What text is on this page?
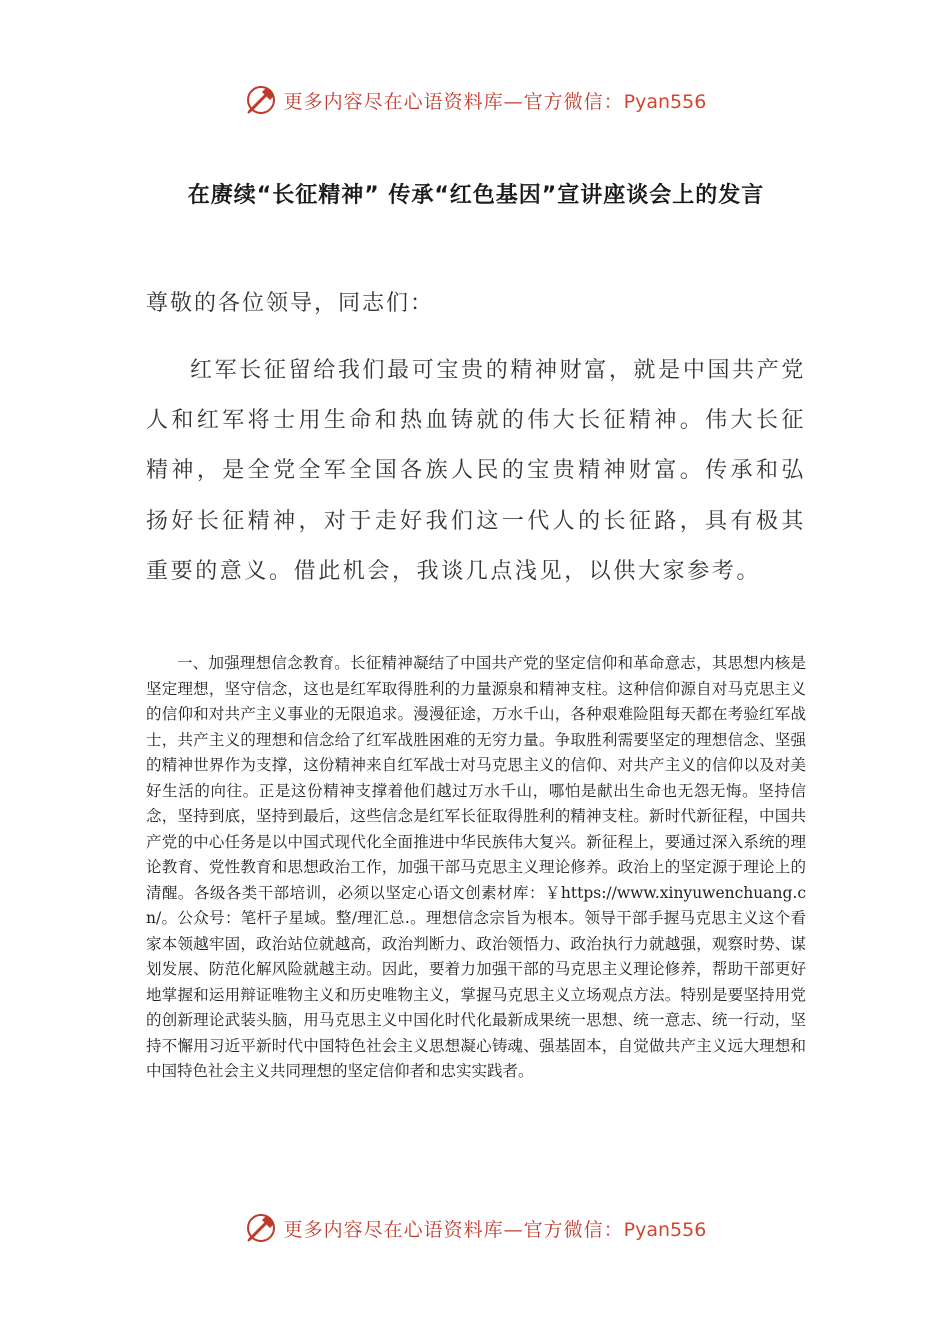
更多内容尽在心语资料库—官方微信：Pyan556
在赓续“长征精神” 传承“红色基因”宣讲座谈会上的发言
尊敬的各位领导，同志们：

红军长征留给我们最可宝贵的精神财富，就是中国共产党人和红军将士用生命和热血铸就的伟大长征精神。伟大长征精神，是全党全军全国各族人民的宝贵精神财富。传承和弘扬好长征精神，对于走好我们这一代人的长征路，具有极其重要的意义。借此机会，我谈几点浅见，以供大家参考。

一、加强理想信念教育。长征精神凝结了中国共产党的坚定信仰和革命意志，其思想内核是坚定理想，坚守信念，这也是红军取得胜利的力量源泉和精神支柱。这种信仰源自对马克思主义的信仰和对共产主义事业的无限追求。漫漫征途，万水千山，各种艰难险阻每天都在考验红军战士，共产主义的理想和信念给了红军战胜困难的无穷力量。争取胜利需要坚定的理想信念、坚强的精神世界作为支撑，这份精神来自红军战士对马克思主义的信仰、对共产主义的信仰以及对美好生活的向往。正是这份精神支撑着他们越过万水千山，哪怕是献出生命也无怨无悔。坚持信念，坚持到底，坚持到最后，这些信念是红军长征取得胜利的精神支柱。新时代新征程，中国共产党的中心任务是以中国式现代化全面推进中华民族伟大复兴。新征程上，要通过深入系统的理论教育、党性教育和思想政治工作，加强干部马克思主义理论修养。政治上的坚定源于理论上的清醒。各级各类干部培训，必须以坚定心语文创素材库：￥https://www.xinyuwenchuang.cn/。公众号：笔杆子星域。整/理汇总.。理想信念宗旨为根本。领导干部手握马克思主义这个看家本领越牢固，政治站位就越高，政治判断力、政治领悟力、政治执行力就越强，观察时势、谋划发展、防范化解风险就越主动。因此，要着力加强干部的马克思主义理论修养，帮助干部更好地掌握和运用辩证唯物主义和历史唯物主义，掌握马克思主义立场观点方法。特别是要坚持用党的创新理论武装头脑，用马克思主义中国化时代化最新成果统一思想、统一意志、统一行动，坚持不懈用习近平新时代中国特色社会主义思想凝心铸魂、强基固本，自觉做共产主义远大理想和中国特色社会主义共同理想的坚定信仰者和忠实实践者。

更多内容尽在心语资料库—官方微信：Pyan556
